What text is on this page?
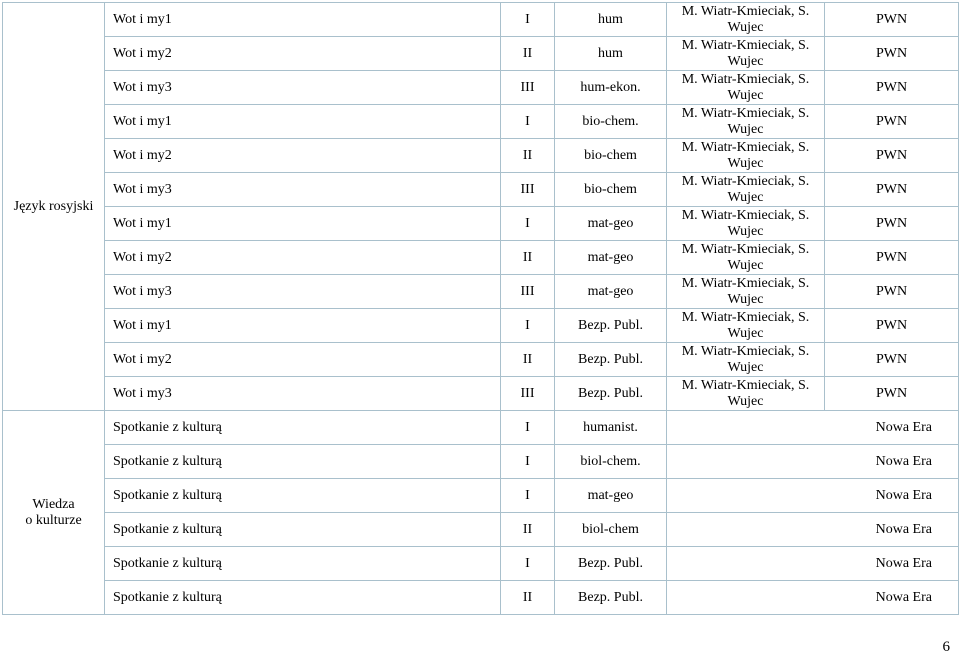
Język rosyjski	Wot i my1	I	hum	M. Wiatr-Kmieciak, S. Wujec	PWN
	Wot i my2	II	hum	M. Wiatr-Kmieciak, S. Wujec	PWN
	Wot i my3	III	hum-ekon.	M. Wiatr-Kmieciak, S. Wujec	PWN
	Wot i my1	I	bio-chem.	M. Wiatr-Kmieciak, S. Wujec	PWN
	Wot i my2	II	bio-chem	M. Wiatr-Kmieciak, S. Wujec	PWN
	Wot i my3	III	bio-chem	M. Wiatr-Kmieciak, S. Wujec	PWN
	Wot i my1	I	mat-geo	M. Wiatr-Kmieciak, S. Wujec	PWN
	Wot i my2	II	mat-geo	M. Wiatr-Kmieciak, S. Wujec	PWN
	Wot i my3	III	mat-geo	M. Wiatr-Kmieciak, S. Wujec	PWN
	Wot i my1	I	Bezp. Publ.	M. Wiatr-Kmieciak, S. Wujec	PWN
	Wot i my2	II	Bezp. Publ.	M. Wiatr-Kmieciak, S. Wujec	PWN
	Wot i my3	III	Bezp. Publ.	M. Wiatr-Kmieciak, S. Wujec	PWN

Wiedza
o kulturze	Spotkanie z kulturą	I	humanist.		Nowa Era
	Spotkanie z kulturą	I	biol-chem.		Nowa Era
	Spotkanie z kulturą	I	mat-geo		Nowa Era
	Spotkanie z kulturą	II	biol-chem		Nowa Era
	Spotkanie z kulturą	I	Bezp. Publ.		Nowa Era
	Spotkanie z kulturą	II	Bezp. Publ.		Nowa Era
6
